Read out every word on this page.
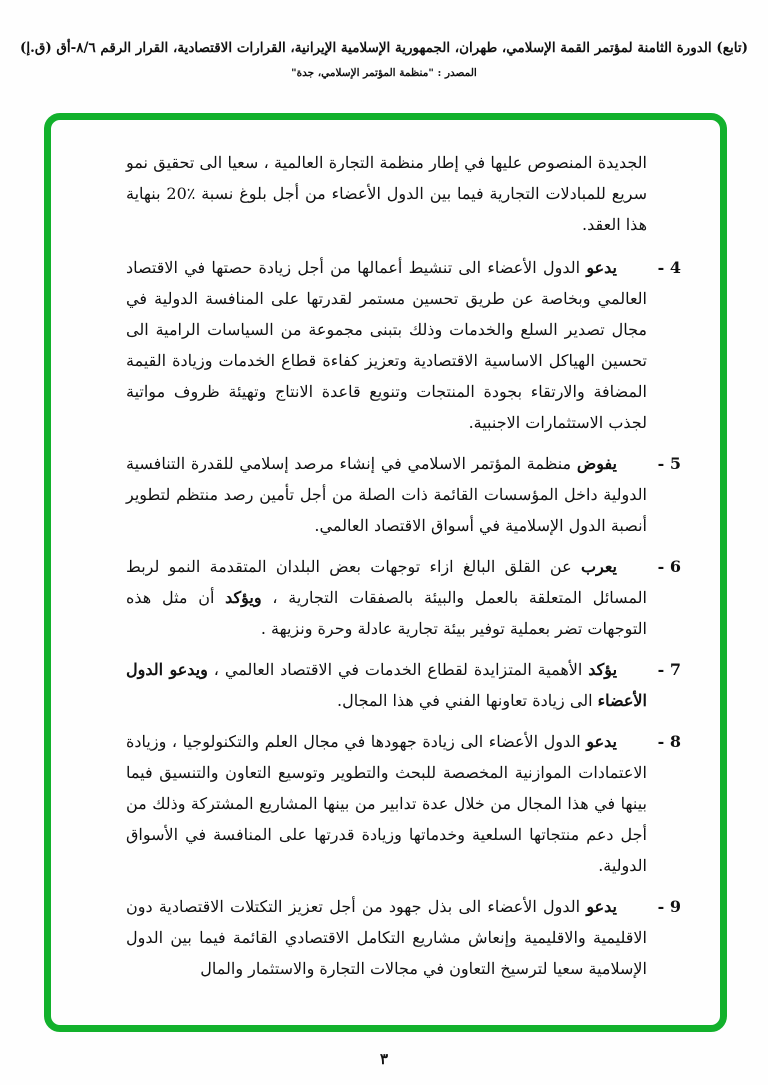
(تابع) الدورة الثامنة لمؤتمر القمة الإسلامي، طهران، الجمهورية الإسلامية الإيرانية، القرارات الاقتصادية، القرار الرقم ٨/٦-أق (ق.إ)
المصدر : "منظمة المؤتمر الإسلامي، جدة"

الجديدة المنصوص عليها في إطار منظمة التجارة العالمية ، سعيا الى تحقيق نمو سريع للمبادلات التجارية فيما بين الدول الأعضاء من أجل بلوغ نسبة ٪20 بنهاية هذا العقد.

4 -

يدعو الدول الأعضاء الى تنشيط أعمالها من أجل زيادة حصتها في الاقتصاد العالمي وبخاصة عن طريق تحسين مستمر لقدرتها على المنافسة الدولية في مجال تصدير السلع والخدمات وذلك بتبنى مجموعة من السياسات الرامية الى تحسين الهياكل الاساسية الاقتصادية وتعزيز كفاءة قطاع الخدمات وزيادة القيمة المضافة والارتقاء بجودة المنتجات وتنويع قاعدة الانتاج وتهيئة ظروف مواتية لجذب الاستثمارات الاجنبية.

5 -

يفوض منظمة المؤتمر الاسلامي في إنشاء مرصد إسلامي للقدرة التنافسية الدولية داخل المؤسسات القائمة ذات الصلة من أجل تأمين رصد منتظم لتطوير أنصبة الدول الإسلامية في أسواق الاقتصاد العالمي.

6 -

يعرب عن القلق البالغ ازاء توجهات بعض البلدان المتقدمة النمو لربط المسائل المتعلقة بالعمل والبيئة بالصفقات التجارية ، ويؤكد أن مثل هذه التوجهات تضر بعملية توفير بيئة تجارية عادلة وحرة ونزيهة .

7 -

يؤكد الأهمية المتزايدة لقطاع الخدمات في الاقتصاد العالمي ، ويدعو الدول الأعضاء الى زيادة تعاونها الفني في هذا المجال.

8 -

يدعو الدول الأعضاء الى زيادة جهودها في مجال العلم والتكنولوجيا ، وزيادة الاعتمادات الموازنية المخصصة للبحث والتطوير وتوسيع التعاون والتنسيق فيما بينها في هذا المجال من خلال عدة تدابير من بينها المشاريع المشتركة وذلك من أجل دعم منتجاتها السلعية وخدماتها وزيادة قدرتها على المنافسة في الأسواق الدولية.

9 -

يدعو الدول الأعضاء الى بذل جهود من أجل تعزيز التكتلات الاقتصادية دون الاقليمية والاقليمية وإنعاش مشاريع التكامل الاقتصادي القائمة فيما بين الدول الإسلامية سعيا لترسيخ التعاون في مجالات التجارة والاستثمار والمال

٣
